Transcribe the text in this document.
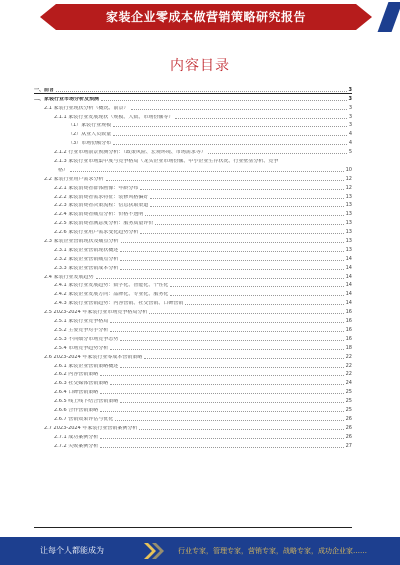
家装企业零成本做营销策略研究报告
内容目录
一、前言	3
二、家装行业市场分析及预测	3
2.1 家装行业现状分析（概况、前景）	3
2.1.1 家装行业发展现状（规模、人数、市场份额等）	3
（1）家装行业规模	3
（2）从业人员数量	4
（3）市场份额分布	4
2.1.2 行业市场前景预测分析：（政策风险、宏观环境、市场需求等）	5
2.1.3 家装行业市场集中度与竞争格局（龙头企业市场份额、中小企业生存状况、行业壁垒分析、竞争
格）	10
2.2 家装行业用户需求分析	12
2.2.1 家装消费者群体画像：年龄分布	12
2.2.2 家装消费者需求特征：装修风格偏好	13
2.2.3 家装消费者决策流程：信息获取渠道	13
2.2.4 家装消费者痛点分析：价格不透明	13
2.2.5 家装消费者满意度分析：服务质量评价	13
2.2.6 家装行业用户需求变化趋势分析	13
2.3 家装企业营销现状及痛点分析	13
2.3.1 家装企业营销现状概述	13
2.3.2 家装企业营销痛点分析	14
2.3.3 家装企业营销成本分析	14
2.4 家装行业发展趋势	14
2.4.1 家装行业发展趋势：数字化、智能化、个性化	14
2.4.2 家装企业发展方向：品牌化、专业化、服务化	14
2.4.3 家装行业营销趋势：内容营销、社交营销、口碑营销	14
2.5 2023-2024 年家装行业市场竞争格局分析	16
2.5.1 家装行业竞争格局	16
2.5.2 主要竞争对手分析	16
2.5.3 不同细分市场竞争态势	16
2.5.4 市场竞争趋势分析	18
2.6 2023-2024 年家装行业零成本营销策略	22
2.6.1 家装企业营销策略概述	22
2.6.2 内容营销策略	22
2.6.3 社交媒体营销策略	24
2.6.4 口碑营销策略	25
2.6.5 线上线下结合营销策略	25
2.6.6 合作营销策略	25
2.6.7 营销效果评估与优化	26
2.7 2023-2024 年家装行业营销案例分析	26
2.7.1 成功案例分析	26
2.7.2 失败案例分析	27
让每个人都能成为	行业专家，管理专家，营销专家，战略专家，成功企业家……
